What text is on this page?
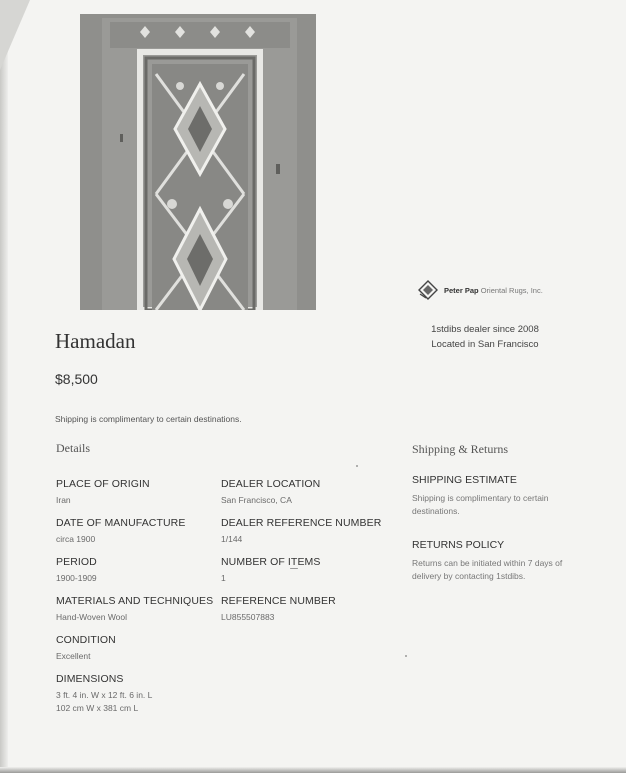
Peter Pap Oriental Rugs, Inc.
1stdibs dealer since 2008
Located in San Francisco
Hamadan
$8,500
Shipping is complimentary to certain destinations.
Details
PLACE OF ORIGIN
Iran
DATE OF MANUFACTURE
circa 1900
PERIOD
1900-1909
MATERIALS AND TECHNIQUES
Hand-Woven Wool
CONDITION
Excellent
DIMENSIONS
3 ft. 4 in. W x 12 ft. 6 in. L
102 cm W x 381 cm L
DEALER LOCATION
San Francisco, CA
DEALER REFERENCE NUMBER
1/144
NUMBER OF ITEMS
1
REFERENCE NUMBER
LU855507883
Shipping & Returns
SHIPPING ESTIMATE
Shipping is complimentary to certain destinations.
RETURNS POLICY
Returns can be initiated within 7 days of delivery by contacting 1stdibs.
